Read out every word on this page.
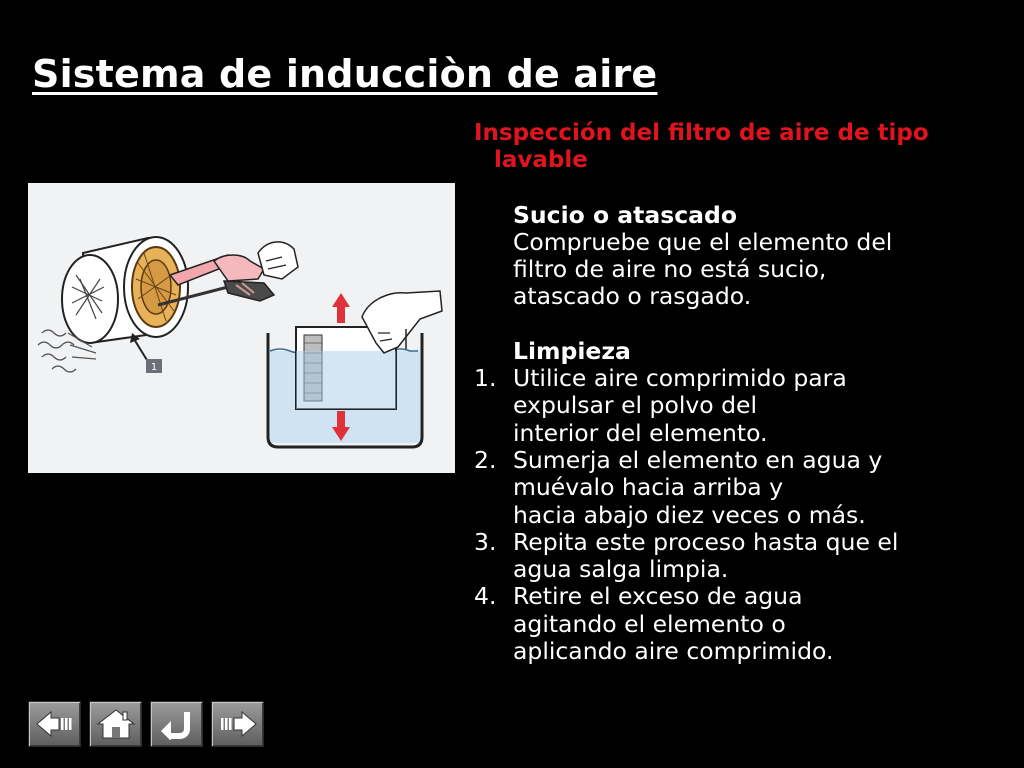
Sistema de inducciòn de aire
1

Inspección del filtro de aire de tipo lavable

Sucio o atascado

Compruebe que el elemento del
filtro de aire no está sucio,
atascado o rasgado.

Limpieza

1. Utilice aire comprimido para
expulsar el polvo del
interior del elemento.
2. Sumerja el elemento en agua y
muévalo hacia arriba y
hacia abajo diez veces o más.
3. Repita este proceso hasta que el
agua salga limpia.
4. Retire el exceso de agua
agitando el elemento o
aplicando aire comprimido.
